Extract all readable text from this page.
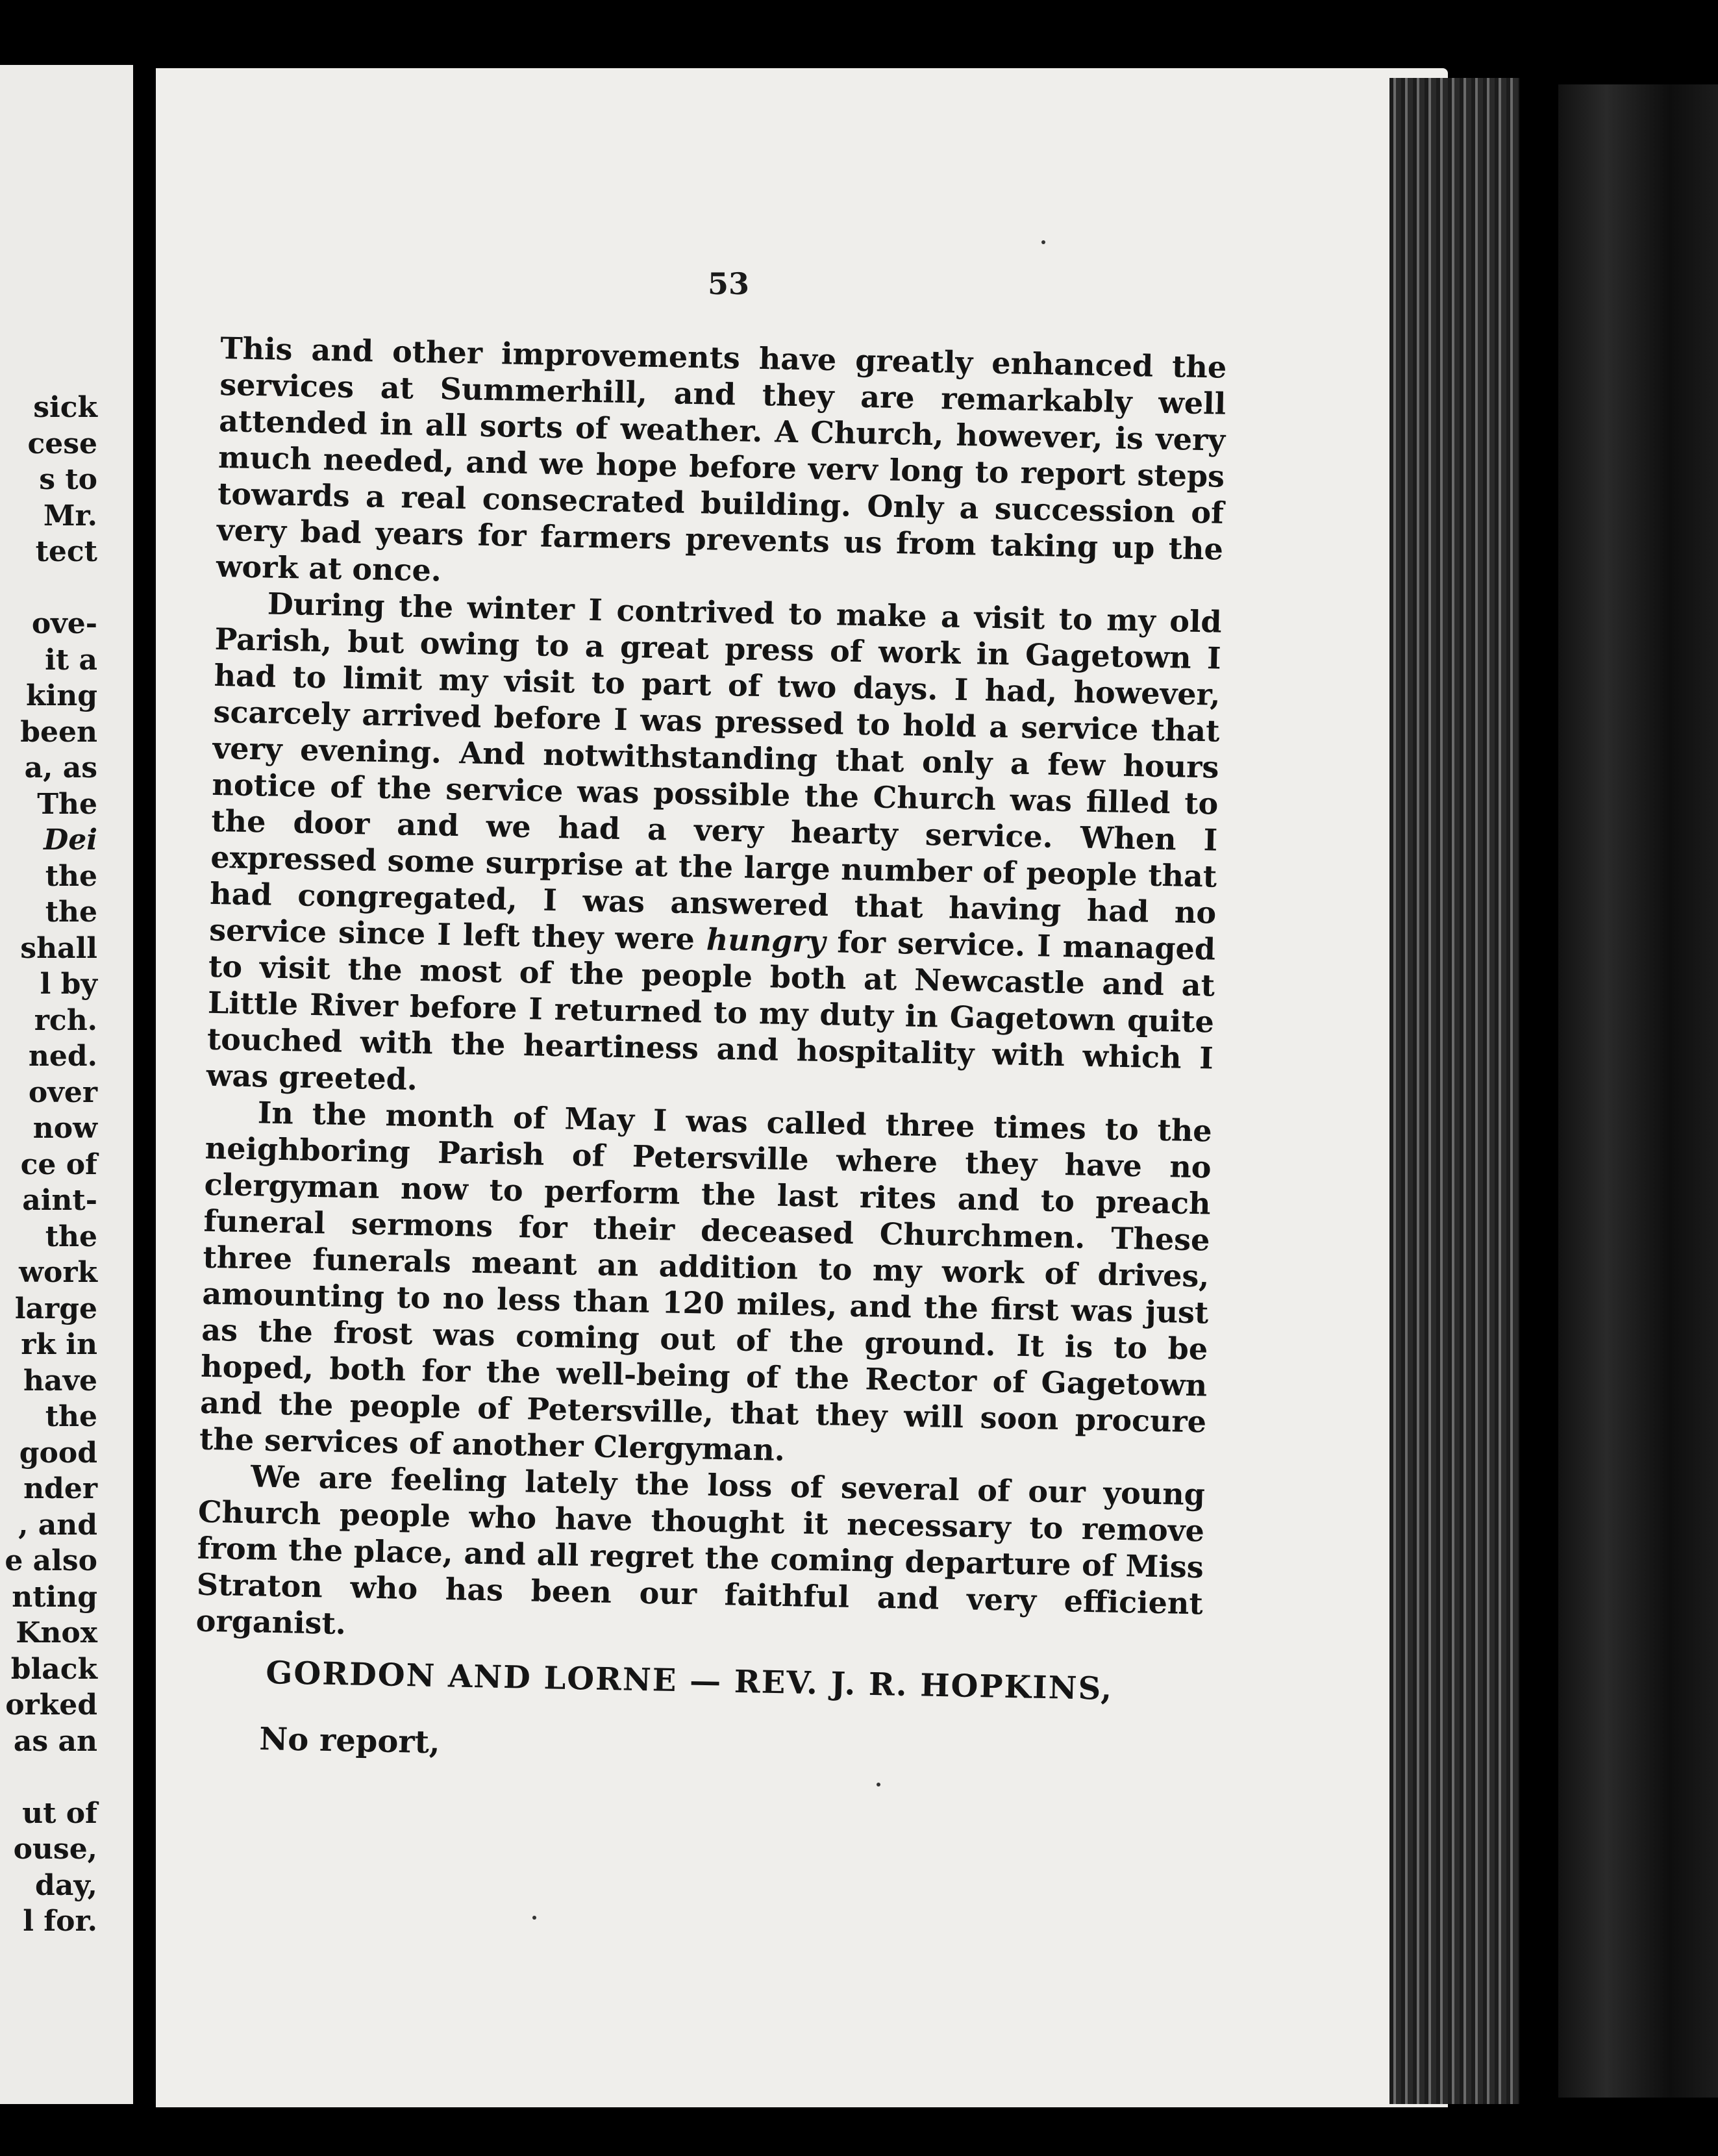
sick
cese
s to
Mr.
tect
ove-
it a
king
been
a, as
The
Dei
the
the
shall
l by
rch.
ned.
over
now
ce of
aint-
the
work
large
rk in
have
the
good
nder
, and
e also
nting
Knox
black
orked
as an
ut of
ouse,
day,
l for.
53

This and other improvements have greatly enhanced the services at Summerhill, and they are remarkably well attended in all sorts of weather. A Church, however, is very much needed, and we hope before verv long to report steps towards a real consecrated building. Only a succession of very bad years for farmers prevents us from taking up the work at once.

During the winter I contrived to make a visit to my old Parish, but owing to a great press of work in Gagetown I had to limit my visit to part of two days. I had, however, scarcely arrived before I was pressed to hold a service that very evening. And notwithstanding that only a few hours notice of the service was possible the Church was filled to the door and we had a very hearty service. When I expressed some surprise at the large number of people that had congregated, I was answered that having had no service since I left they were hungry for service. I managed to visit the most of the people both at Newcastle and at Little River before I returned to my duty in Gagetown quite touched with the heartiness and hospitality with which I was greeted.

In the month of May I was called three times to the neighboring Parish of Petersville where they have no clergyman now to perform the last rites and to preach funeral sermons for their deceased Churchmen. These three funerals meant an addition to my work of drives, amounting to no less than 120 miles, and the first was just as the frost was coming out of the ground. It is to be hoped, both for the well-being of the Rector of Gagetown and the people of Petersville, that they will soon procure the services of another Clergyman.

We are feeling lately the loss of several of our young Church people who have thought it necessary to remove from the place, and all regret the coming departure of Miss Straton who has been our faithful and very efficient organist.

GORDON AND LORNE — REV. J. R. HOPKINS,
No report,
